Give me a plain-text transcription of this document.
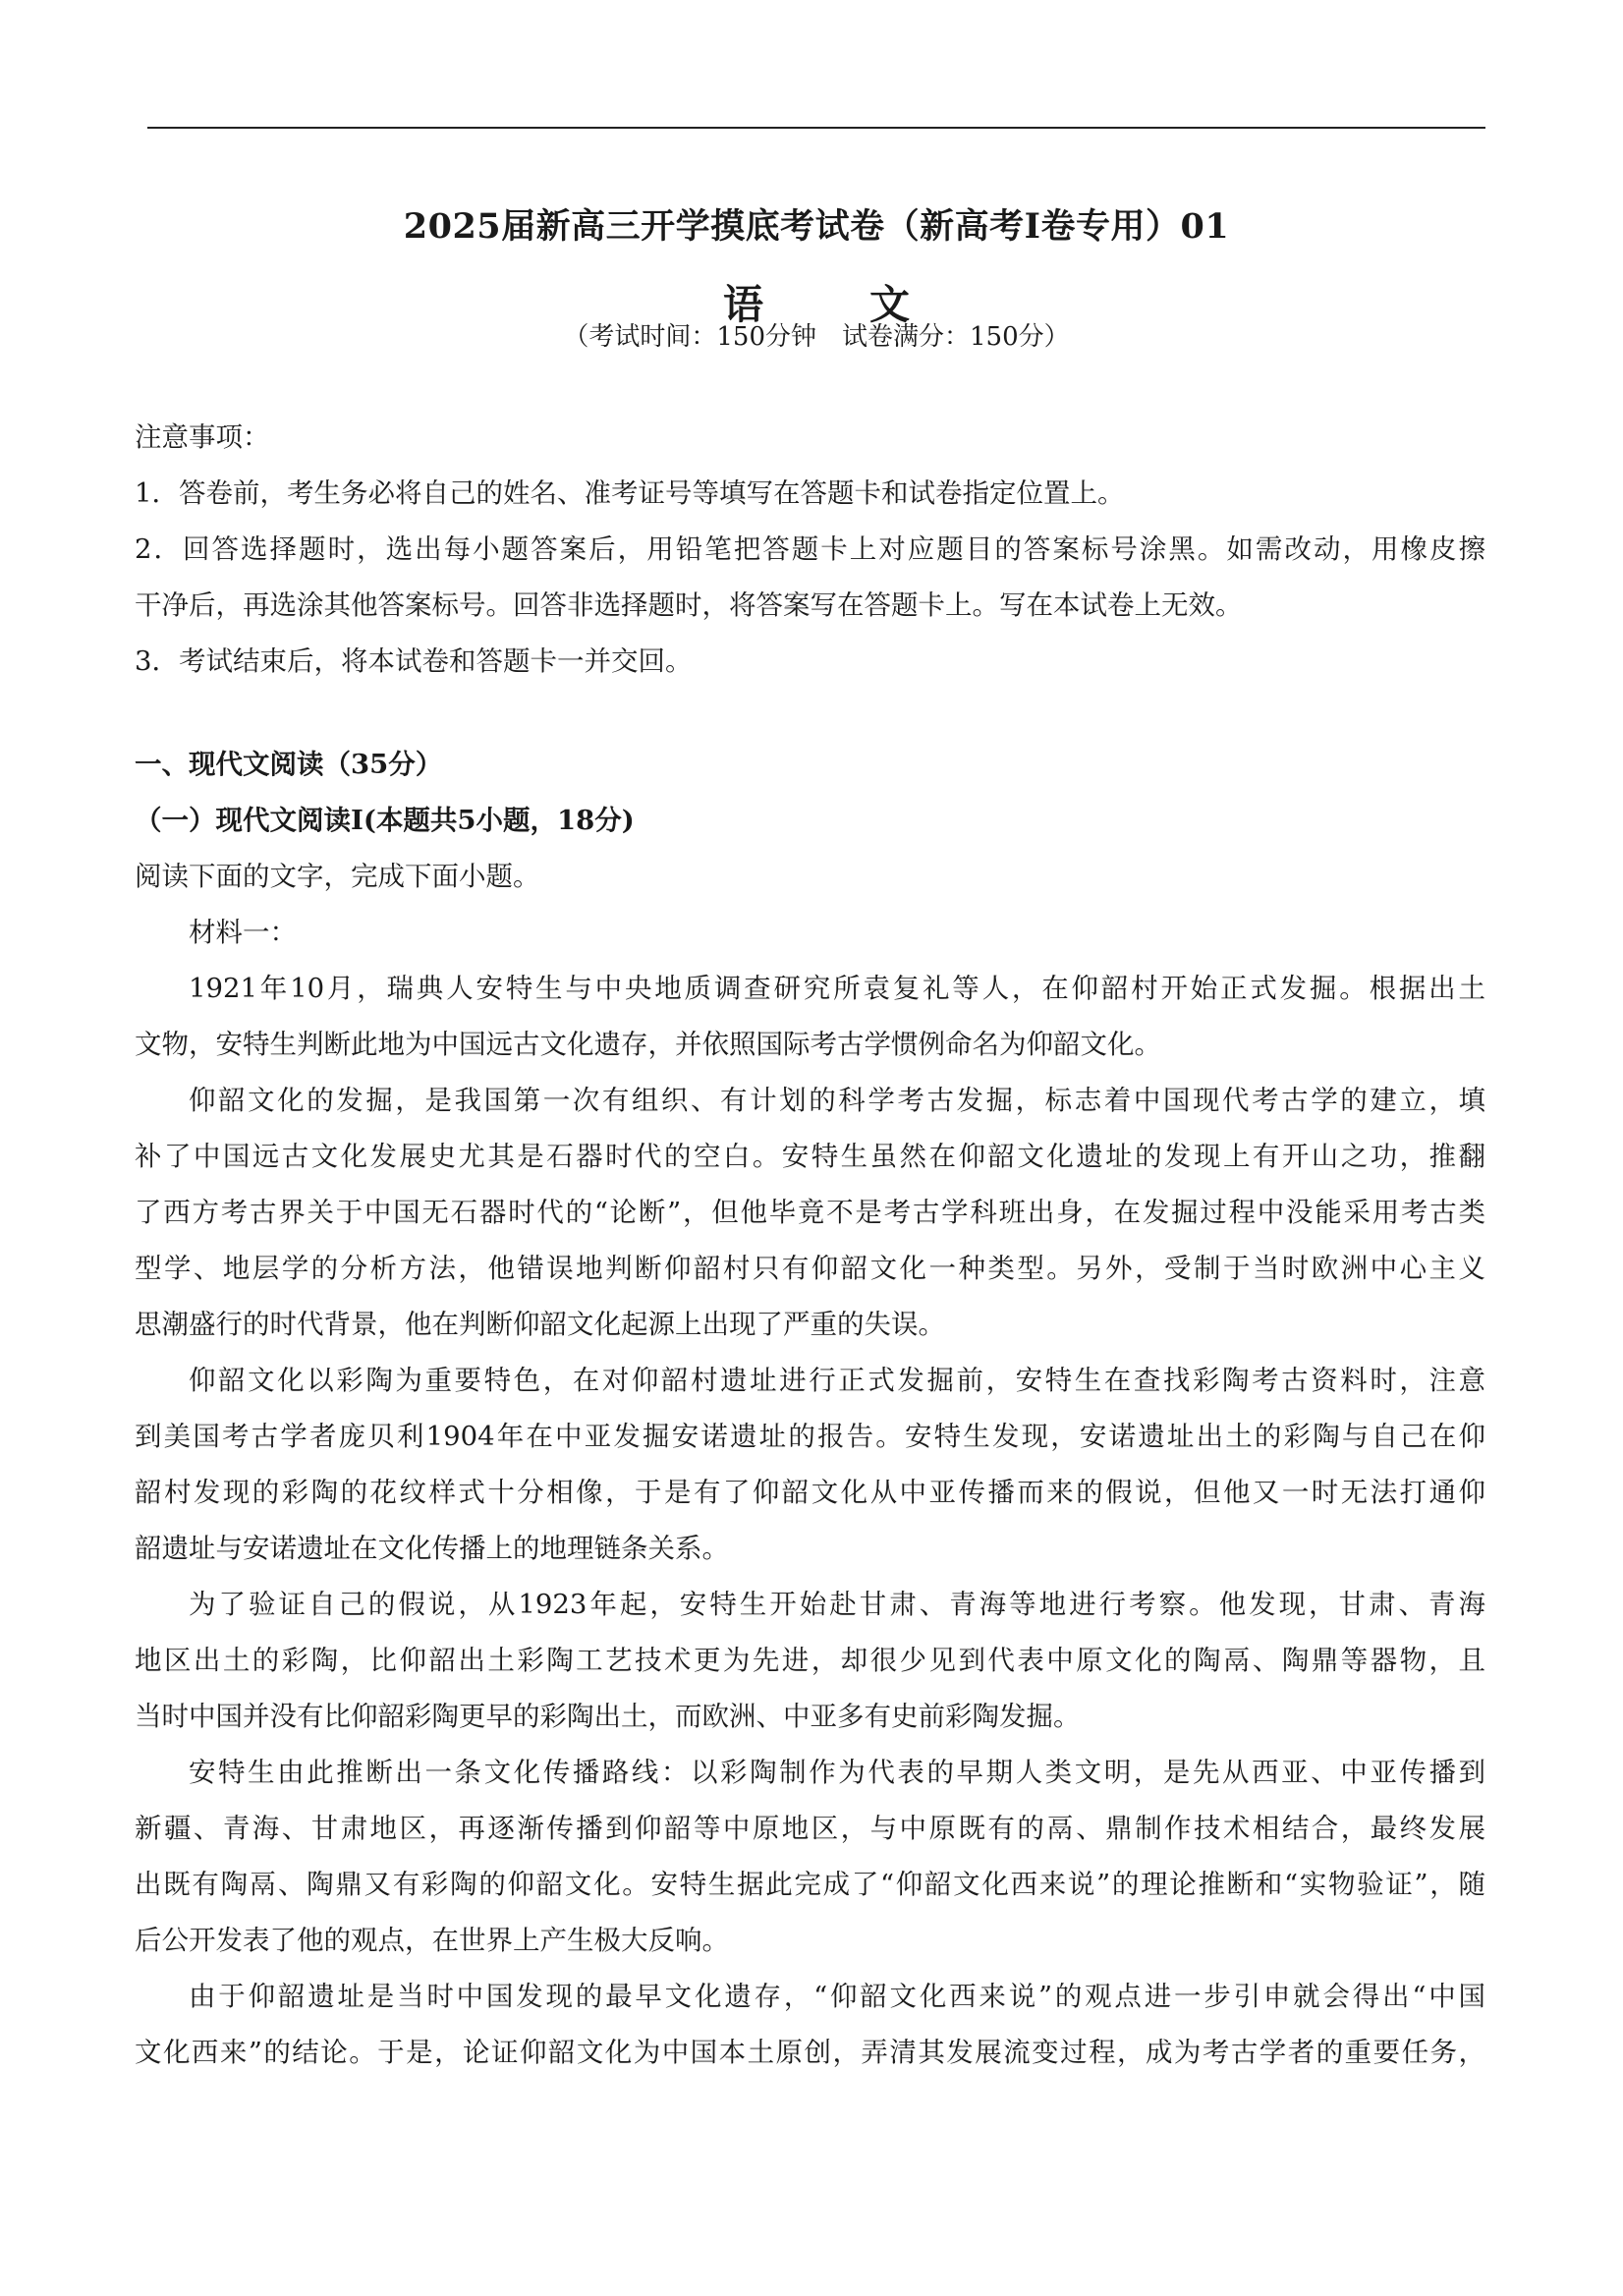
2025届新高三开学摸底考试卷（新高考Ⅰ卷专用）01
语	文
（考试时间：150分钟　试卷满分：150分）
注意事项：
1．答卷前，考生务必将自己的姓名、准考证号等填写在答题卡和试卷指定位置上。
2．回答选择题时，选出每小题答案后，用铅笔把答题卡上对应题目的答案标号涂黑。如需改动，用橡皮擦
干净后，再选涂其他答案标号。回答非选择题时，将答案写在答题卡上。写在本试卷上无效。
3．考试结束后，将本试卷和答题卡一并交回。
一、现代文阅读（35分）
（一）现代文阅读Ⅰ(本题共5小题，18分)
阅读下面的文字，完成下面小题。
材料一：
1921年10月，瑞典人安特生与中央地质调查研究所袁复礼等人，在仰韶村开始正式发掘。根据出土
文物，安特生判断此地为中国远古文化遗存，并依照国际考古学惯例命名为仰韶文化。
仰韶文化的发掘，是我国第一次有组织、有计划的科学考古发掘，标志着中国现代考古学的建立，填
补了中国远古文化发展史尤其是石器时代的空白。安特生虽然在仰韶文化遗址的发现上有开山之功，推翻
了西方考古界关于中国无石器时代的“论断”，但他毕竟不是考古学科班出身，在发掘过程中没能采用考古类
型学、地层学的分析方法，他错误地判断仰韶村只有仰韶文化一种类型。另外，受制于当时欧洲中心主义
思潮盛行的时代背景，他在判断仰韶文化起源上出现了严重的失误。
仰韶文化以彩陶为重要特色，在对仰韶村遗址进行正式发掘前，安特生在查找彩陶考古资料时，注意
到美国考古学者庞贝利1904年在中亚发掘安诺遗址的报告。安特生发现，安诺遗址出土的彩陶与自己在仰
韶村发现的彩陶的花纹样式十分相像，于是有了仰韶文化从中亚传播而来的假说，但他又一时无法打通仰
韶遗址与安诺遗址在文化传播上的地理链条关系。
为了验证自己的假说，从1923年起，安特生开始赴甘肃、青海等地进行考察。他发现，甘肃、青海
地区出土的彩陶，比仰韶出土彩陶工艺技术更为先进，却很少见到代表中原文化的陶鬲、陶鼎等器物，且
当时中国并没有比仰韶彩陶更早的彩陶出土，而欧洲、中亚多有史前彩陶发掘。
安特生由此推断出一条文化传播路线：以彩陶制作为代表的早期人类文明，是先从西亚、中亚传播到
新疆、青海、甘肃地区，再逐渐传播到仰韶等中原地区，与中原既有的鬲、鼎制作技术相结合，最终发展
出既有陶鬲、陶鼎又有彩陶的仰韶文化。安特生据此完成了“仰韶文化西来说”的理论推断和“实物验证”，随
后公开发表了他的观点，在世界上产生极大反响。
由于仰韶遗址是当时中国发现的最早文化遗存，“仰韶文化西来说”的观点进一步引申就会得出“中国
文化西来”的结论。于是，论证仰韶文化为中国本土原创，弄清其发展流变过程，成为考古学者的重要任务，
